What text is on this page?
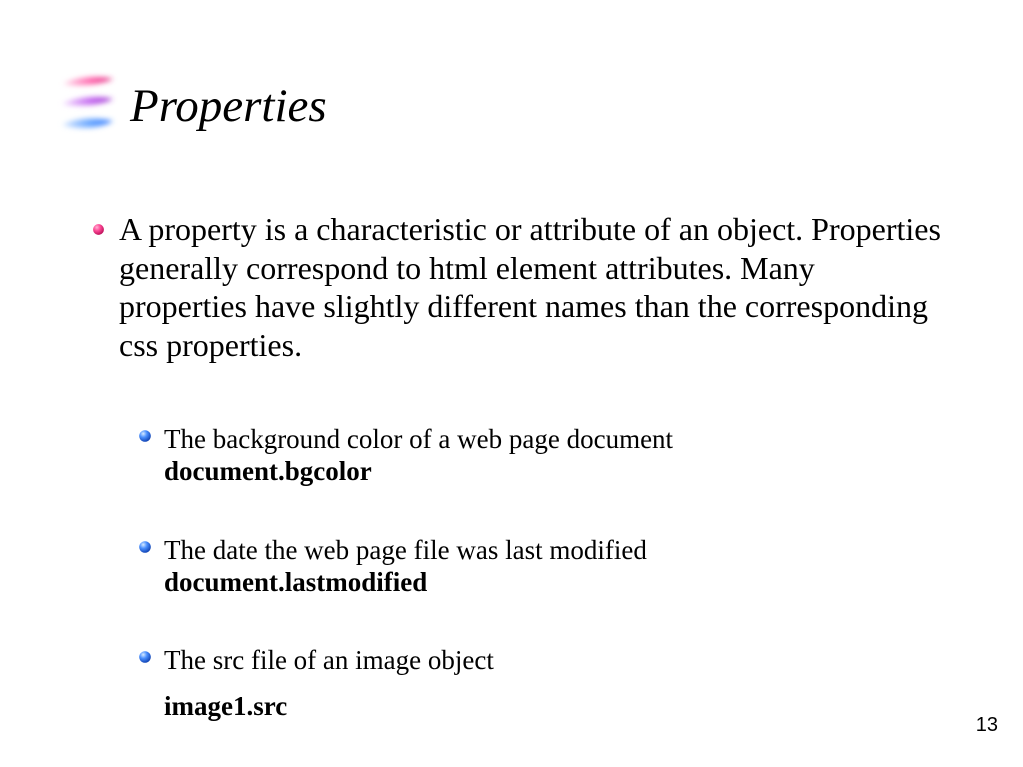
Properties

A property is a characteristic or attribute of an object. Properties generally correspond to html element attributes. Many properties have slightly different names than the corresponding css properties.

The background color of a web page document
document.bgcolor
The date the web page file was last modified
document.lastmodified
The src file of an image object
image1.src
13
